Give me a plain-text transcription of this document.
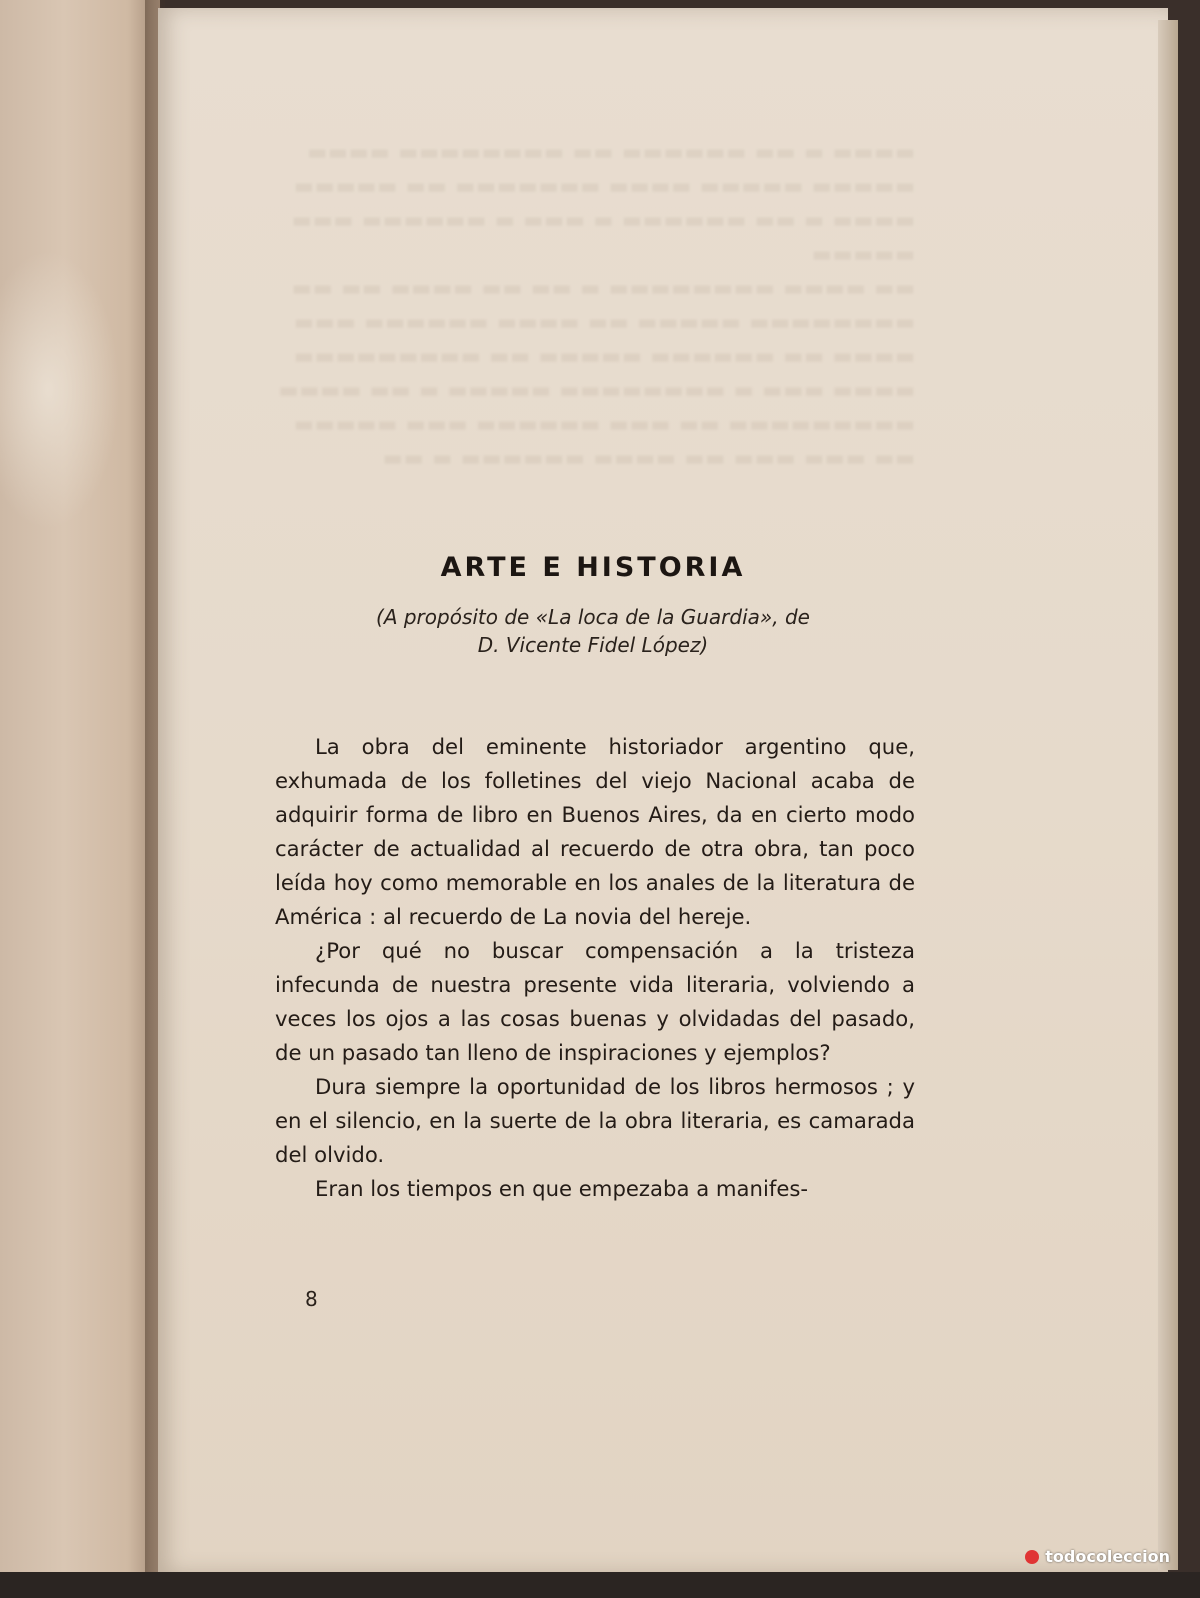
▬▬▬▬ ▬ ▬▬ ▬▬▬▬▬▬ ▬▬ ▬▬▬▬▬▬▬▬ ▬▬▬▬
▬▬▬▬▬ ▬▬▬▬▬ ▬▬▬▬ ▬▬▬▬▬▬▬ ▬▬ ▬▬▬▬▬
▬▬▬▬ ▬ ▬▬ ▬▬▬▬▬▬ ▬ ▬▬▬ ▬ ▬▬▬▬▬▬ ▬▬▬
▬▬▬▬▬
▬▬ ▬▬▬▬ ▬▬▬▬▬▬▬▬ ▬ ▬▬ ▬▬ ▬▬▬▬ ▬▬ ▬▬
▬▬▬▬▬▬▬▬ ▬▬▬▬▬ ▬▬ ▬▬▬▬ ▬▬▬▬▬▬ ▬▬▬
▬▬▬▬ ▬▬ ▬▬▬▬▬▬ ▬▬▬▬▬ ▬▬ ▬▬▬▬▬▬▬▬▬
▬▬▬▬ ▬▬▬ ▬ ▬▬▬▬▬▬▬▬ ▬▬▬▬▬ ▬ ▬▬ ▬▬▬▬
▬▬▬▬▬▬▬▬▬ ▬▬ ▬▬▬ ▬▬▬▬▬▬ ▬▬▬ ▬▬▬▬▬
▬▬ ▬▬▬ ▬▬▬ ▬▬ ▬▬▬▬ ▬▬▬▬▬▬ ▬ ▬▬
ARTE E HISTORIA
(A propósito de «La loca de la Guardia», de
D. Vicente Fidel López)

La obra del eminente historiador argentino que, exhumada de los folletines del viejo Nacional acaba de adquirir forma de libro en Buenos Aires, da en cierto modo carácter de actualidad al recuerdo de otra obra, tan poco leída hoy como memorable en los anales de la literatura de América : al recuerdo de La novia del hereje.

¿Por qué no buscar compensación a la tristeza infecunda de nuestra presente vida literaria, volviendo a veces los ojos a las cosas buenas y olvidadas del pasado, de un pasado tan lleno de inspiraciones y ejemplos?

Dura siempre la oportunidad de los libros hermosos ; y en el silencio, en la suerte de la obra literaria, es camarada del olvido.

Eran los tiempos en que empezaba a manifes-

8
todocoleccion
